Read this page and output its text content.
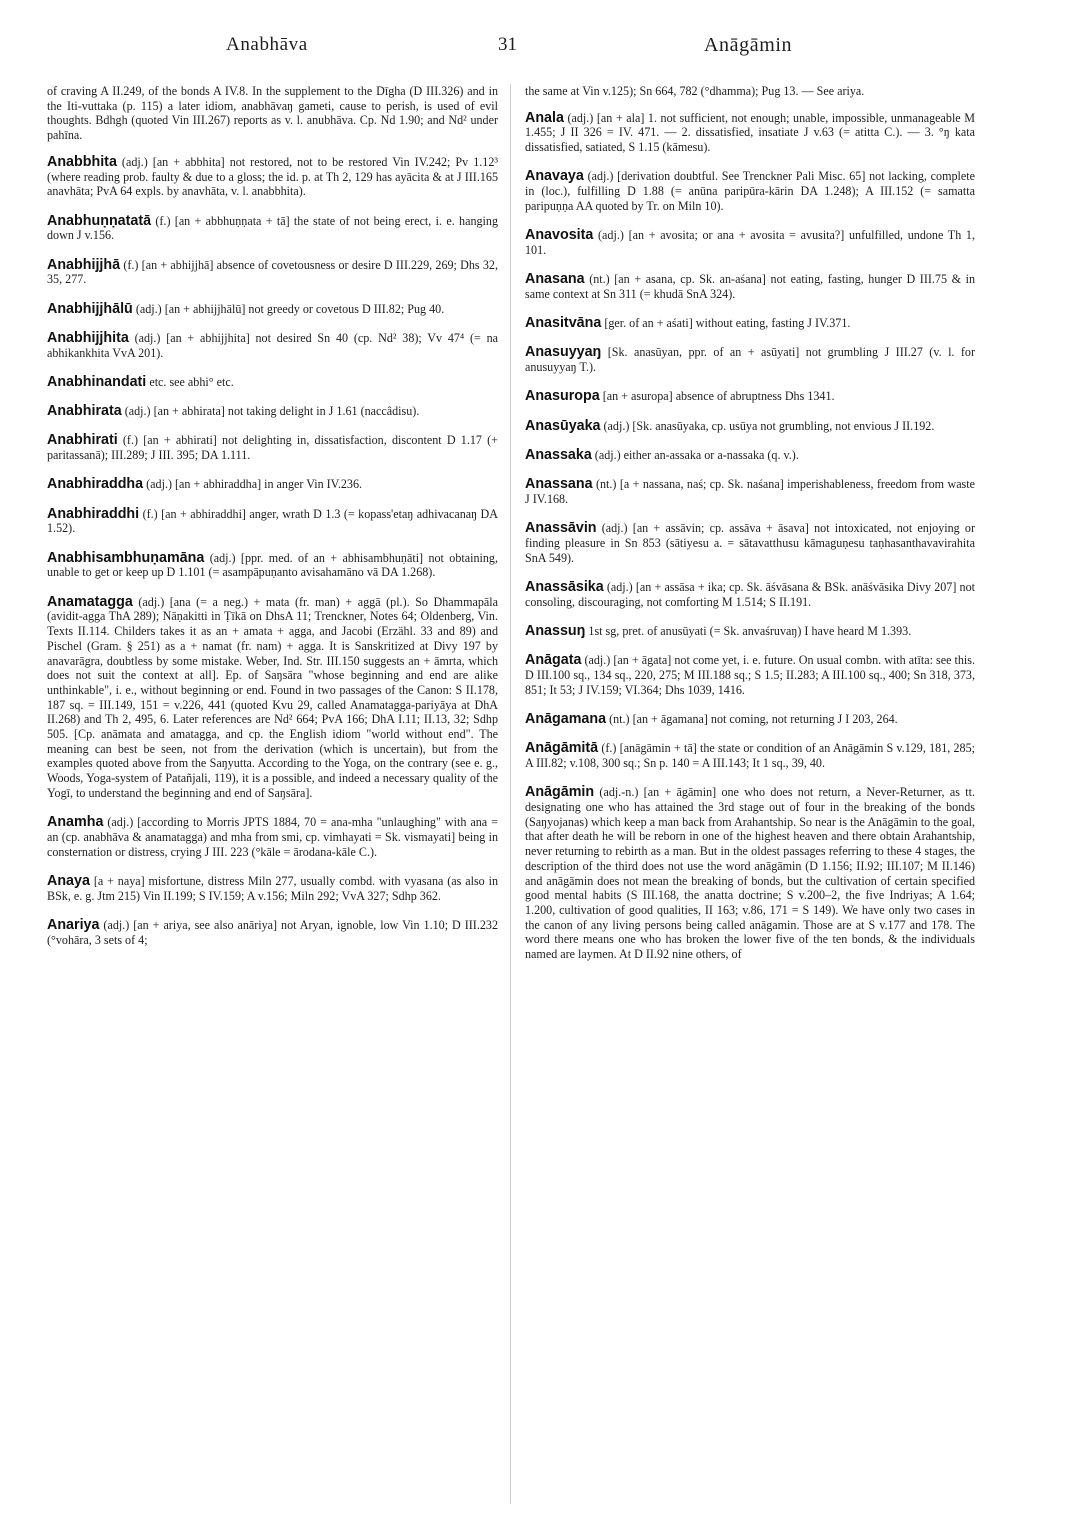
Anabhāva	31	Anāgāmin

of craving A II.249, of the bonds A IV.8. In the supplement to the Dīgha (D III.326) and in the Iti-vuttaka (p. 115) a later idiom, anabhāvaŋ gameti, cause to perish, is used of evil thoughts. Bdhgh (quoted Vin III.267) reports as v. l. anubhāva. Cp. Nd 1.90; and Nd² under pahīna.

Anabbhita (adj.) [an + abbhita] not restored, not to be restored Vin IV.242; Pv 1.12³ (where reading prob. faulty & due to a gloss; the id. p. at Th 2, 129 has ayācita & at J III.165 anavhāta; PvA 64 expls. by anavhāta, v. l. anabbhita).

Anabhuṇṇatatā (f.) [an + abbhuṇṇata + tā] the state of not being erect, i. e. hanging down J v.156.

Anabhijjhā (f.) [an + abhijjhā] absence of covetousness or desire D III.229, 269; Dhs 32, 35, 277.

Anabhijjhālū (adj.) [an + abhijjhālū] not greedy or covetous D III.82; Pug 40.

Anabhijjhita (adj.) [an + abhijjhita] not desired Sn 40 (cp. Nd² 38); Vv 47⁴ (= na abhikankhita VvA 201).

Anabhinandati etc. see abhi° etc.

Anabhirata (adj.) [an + abhirata] not taking delight in J 1.61 (naccâdisu).

Anabhirati (f.) [an + abhirati] not delighting in, dissatisfaction, discontent D 1.17 (+ paritassanā); III.289; J III. 395; DA 1.111.

Anabhiraddha (adj.) [an + abhiraddha] in anger Vin IV.236.

Anabhiraddhi (f.) [an + abhiraddhi] anger, wrath D 1.3 (= kopass'etaŋ adhivacanaŋ DA 1.52).

Anabhisambhuṇamāna (adj.) [ppr. med. of an + abhisambhuṇāti] not obtaining, unable to get or keep up D 1.101 (= asampāpuṇanto avisahamāno vā DA 1.268).

Anamatagga (adj.) [ana (= a neg.) + mata (fr. man) + aggā (pl.). So Dhammapāla (avidit-agga ThA 289); Nāṇakitti in Ṭīkā on DhsA 11; Trenckner, Notes 64; Oldenberg, Vin. Texts II.114. Childers takes it as an + amata + agga, and Jacobi (Erzähl. 33 and 89) and Pischel (Gram. § 251) as a + namat (fr. nam) + agga. It is Sanskritized at Divy 197 by anavarāgra, doubtless by some mistake. Weber, Ind. Str. III.150 suggests an + āmrta, which does not suit the context at all]. Ep. of Saŋsāra "whose beginning and end are alike unthinkable", i. e., without beginning or end. Found in two passages of the Canon: S II.178, 187 sq. = III.149, 151 = v.226, 441 (quoted Kvu 29, called Anamatagga-pariyāya at DhA II.268) and Th 2, 495, 6. Later references are Nd² 664; PvA 166; DhA I.11; II.13, 32; Sdhp 505. [Cp. anāmata and amatagga, and cp. the English idiom "world without end". The meaning can best be seen, not from the derivation (which is uncertain), but from the examples quoted above from the Saŋyutta. According to the Yoga, on the contrary (see e. g., Woods, Yoga-system of Patañjali, 119), it is a possible, and indeed a necessary quality of the Yogī, to understand the beginning and end of Saŋsāra].

Anamha (adj.) [according to Morris JPTS 1884, 70 = ana-mha "unlaughing" with ana = an (cp. anabhāva & anamatagga) and mha from smi, cp. vimhayati = Sk. vismayati] being in consternation or distress, crying J III. 223 (°kāle = ārodana-kāle C.).

Anaya [a + naya] misfortune, distress Miln 277, usually combd. with vyasana (as also in BSk, e. g. Jtm 215) Vin II.199; S IV.159; A v.156; Miln 292; VvA 327; Sdhp 362.

Anariya (adj.) [an + ariya, see also anāriya] not Aryan, ignoble, low Vin 1.10; D III.232 (°vohāra, 3 sets of 4;

the same at Vin v.125); Sn 664, 782 (°dhamma); Pug 13. — See ariya.

Anala (adj.) [an + ala] 1. not sufficient, not enough; unable, impossible, unmanageable M 1.455; J II 326 = IV. 471. — 2. dissatisfied, insatiate J v.63 (= atitta C.). — 3. °ŋ kata dissatisfied, satiated, S 1.15 (kāmesu).

Anavaya (adj.) [derivation doubtful. See Trenckner Pali Misc. 65] not lacking, complete in (loc.), fulfilling D 1.88 (= anūna paripūra-kārin DA 1.248); A III.152 (= samatta paripuṇṇa AA quoted by Tr. on Miln 10).

Anavosita (adj.) [an + avosita; or ana + avosita = avusita?] unfulfilled, undone Th 1, 101.

Anasana (nt.) [an + asana, cp. Sk. an-aśana] not eating, fasting, hunger D III.75 & in same context at Sn 311 (= khudā SnA 324).

Anasitvāna [ger. of an + aśati] without eating, fasting J IV.371.

Anasuyyaŋ [Sk. anasūyan, ppr. of an + asūyati] not grumbling J III.27 (v. l. for anusuyyaŋ T.).

Anasuropa [an + asuropa] absence of abruptness Dhs 1341.

Anasūyaka (adj.) [Sk. anasūyaka, cp. usūya not grumbling, not envious J II.192.

Anassaka (adj.) either an-assaka or a-nassaka (q. v.).

Anassana (nt.) [a + nassana, naś; cp. Sk. naśana] imperishableness, freedom from waste J IV.168.

Anassāvin (adj.) [an + assāvin; cp. assāva + āsava] not intoxicated, not enjoying or finding pleasure in Sn 853 (sātiyesu a. = sātavatthusu kāmaguṇesu taṇhasanthavavirahita SnA 549).

Anassāsika (adj.) [an + assāsa + ika; cp. Sk. āśvāsana & BSk. anāśvāsika Divy 207] not consoling, discouraging, not comforting M 1.514; S II.191.

Anassuŋ 1st sg, pret. of anusūyati (= Sk. anvaśruvaŋ) I have heard M 1.393.

Anāgata (adj.) [an + āgata] not come yet, i. e. future. On usual combn. with atīta: see this. D III.100 sq., 134 sq., 220, 275; M III.188 sq.; S 1.5; II.283; A III.100 sq., 400; Sn 318, 373, 851; It 53; J IV.159; VI.364; Dhs 1039, 1416.

Anāgamana (nt.) [an + āgamana] not coming, not returning J I 203, 264.

Anāgāmitā (f.) [anāgāmin + tā] the state or condition of an Anāgāmin S v.129, 181, 285; A III.82; v.108, 300 sq.; Sn p. 140 = A III.143; It 1 sq., 39, 40.

Anāgāmin (adj.-n.) [an + āgāmin] one who does not return, a Never-Returner, as tt. designating one who has attained the 3rd stage out of four in the breaking of the bonds (Saŋyojanas) which keep a man back from Arahantship. So near is the Anāgāmin to the goal, that after death he will be reborn in one of the highest heaven and there obtain Arahantship, never returning to rebirth as a man. But in the oldest passages referring to these 4 stages, the description of the third does not use the word anāgāmin (D 1.156; II.92; III.107; M II.146) and anāgāmin does not mean the breaking of bonds, but the cultivation of certain specified good mental habits (S III.168, the anatta doctrine; S v.200–2, the five Indriyas; A 1.64; 1.200, cultivation of good qualities, II 163; v.86, 171 = S 149). We have only two cases in the canon of any living persons being called anāgamin. Those are at S v.177 and 178. The word there means one who has broken the lower five of the ten bonds, & the individuals named are laymen. At D II.92 nine others, of
